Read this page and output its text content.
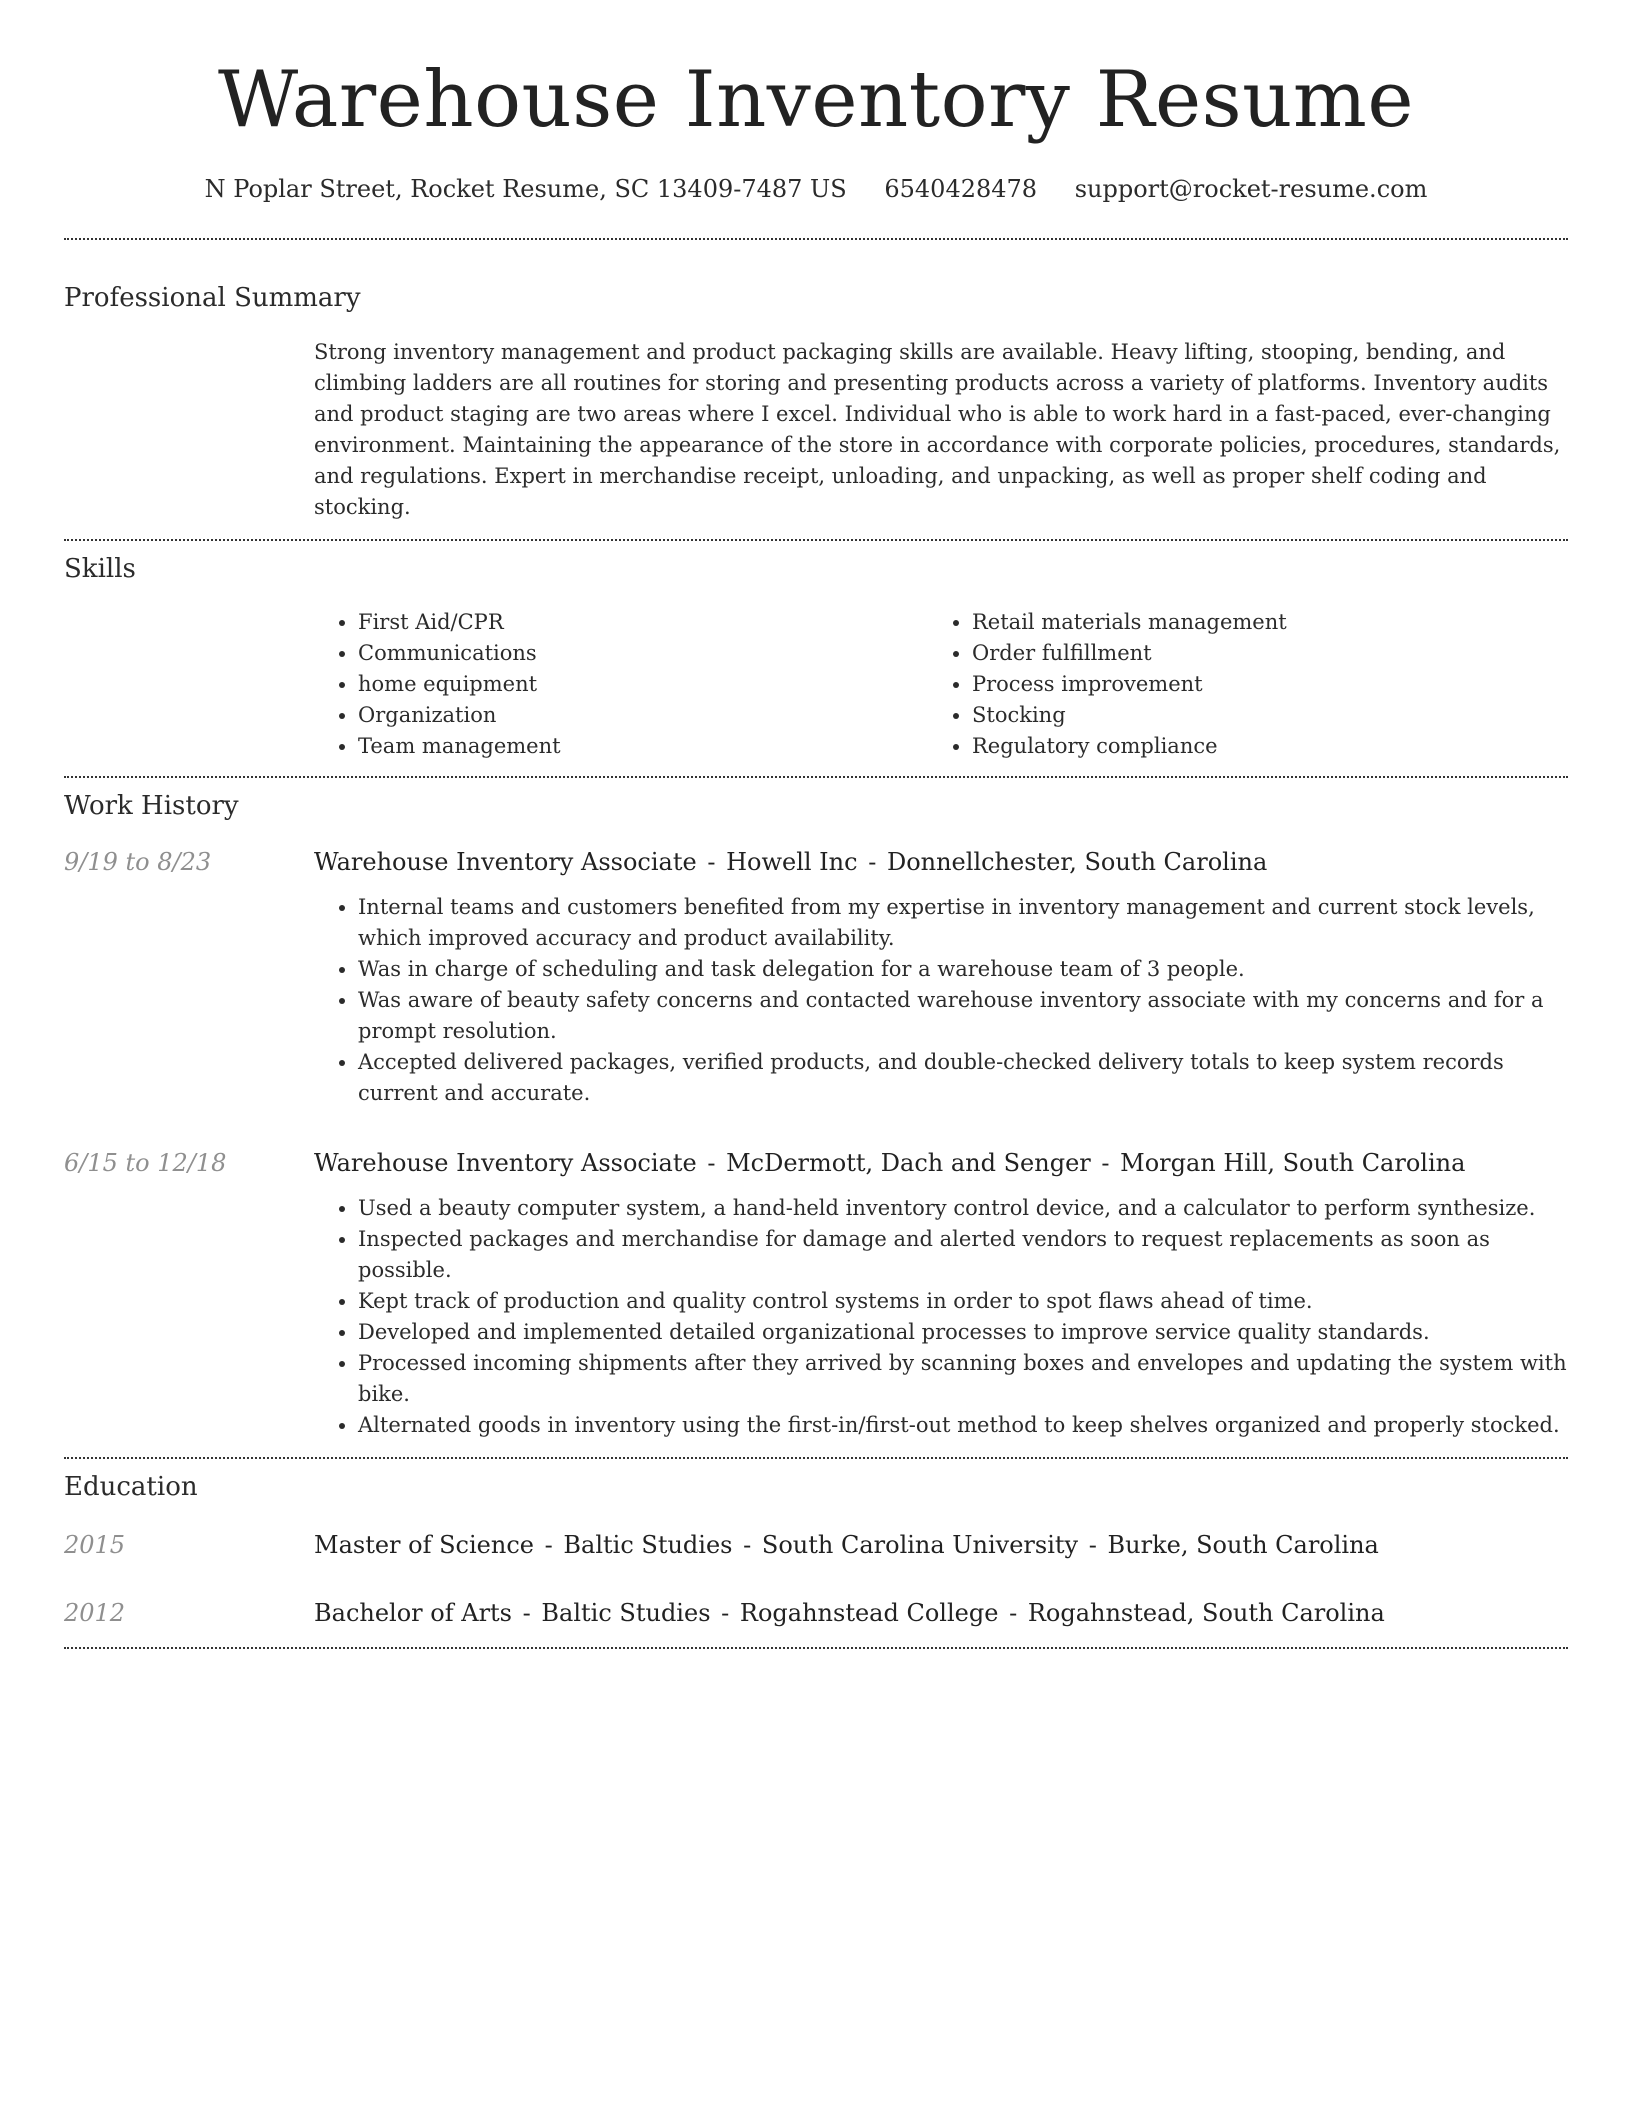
Warehouse Inventory Resume
N Poplar Street, Rocket Resume, SC 13409-7487 US 6540428478 support@rocket-resume.com
Professional Summary

Strong inventory management and product packaging skills are available. Heavy lifting, stooping, bending, and climbing ladders are all routines for storing and presenting products across a variety of platforms. Inventory audits and product staging are two areas where I excel. Individual who is able to work hard in a fast-paced, ever-changing environment. Maintaining the appearance of the store in accordance with corporate policies, procedures, standards, and regulations. Expert in merchandise receipt, unloading, and unpacking, as well as proper shelf coding and stocking.

Skills
• First Aid/CPR
• Communications
• home equipment
• Organization
• Team management
• Retail materials management
• Order fulfillment
• Process improvement
• Stocking
• Regulatory compliance
Work History
9/19 to 8/23	Warehouse Inventory Associate - Howell Inc - Donnellchester, South Carolina
• Internal teams and customers benefited from my expertise in inventory management and current stock levels, which improved accuracy and product availability.
• Was in charge of scheduling and task delegation for a warehouse team of 3 people.
• Was aware of beauty safety concerns and contacted warehouse inventory associate with my concerns and for a prompt resolution.
• Accepted delivered packages, verified products, and double-checked delivery totals to keep system records current and accurate.
6/15 to 12/18	Warehouse Inventory Associate - McDermott, Dach and Senger - Morgan Hill, South Carolina
• Used a beauty computer system, a hand-held inventory control device, and a calculator to perform synthesize.
• Inspected packages and merchandise for damage and alerted vendors to request replacements as soon as possible.
• Kept track of production and quality control systems in order to spot flaws ahead of time.
• Developed and implemented detailed organizational processes to improve service quality standards.
• Processed incoming shipments after they arrived by scanning boxes and envelopes and updating the system with bike.
• Alternated goods in inventory using the first-in/first-out method to keep shelves organized and properly stocked.
Education
2015	Master of Science - Baltic Studies - South Carolina University - Burke, South Carolina
2012	Bachelor of Arts - Baltic Studies - Rogahnstead College - Rogahnstead, South Carolina
